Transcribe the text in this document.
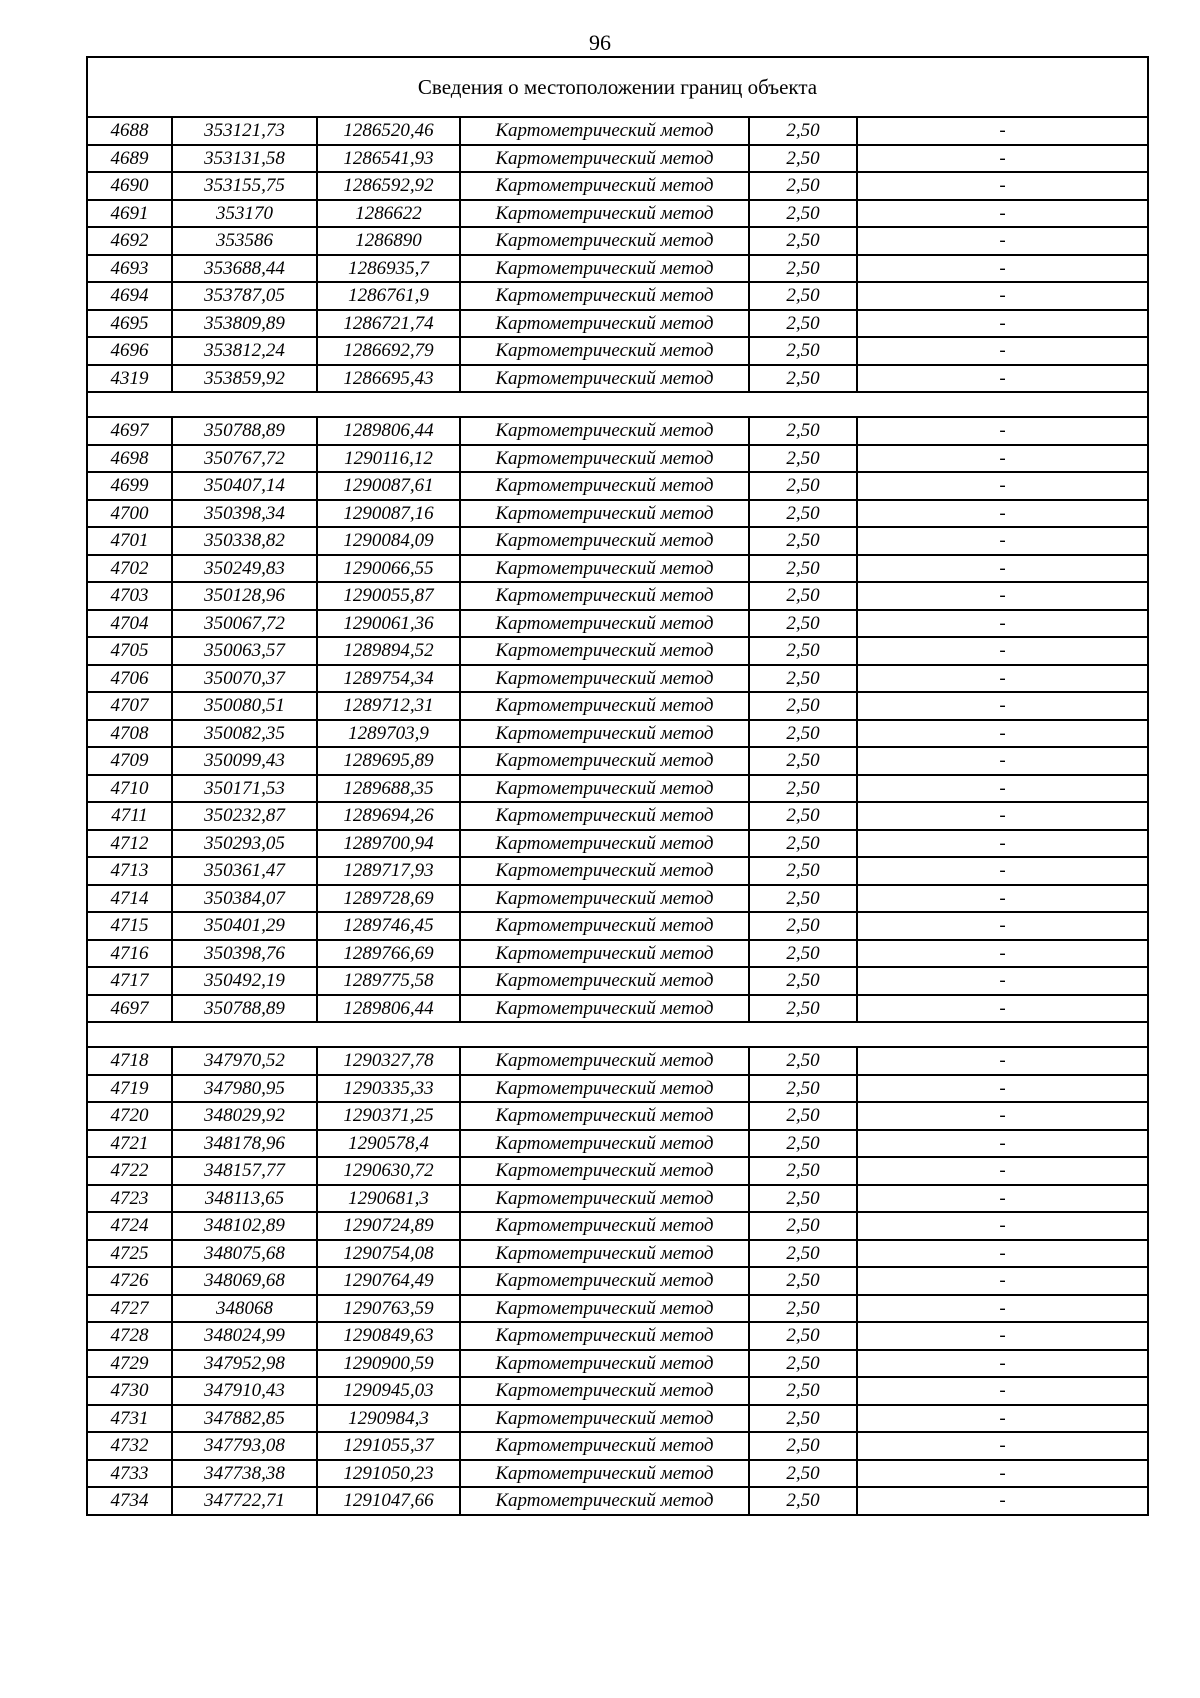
96
Сведения о местоположении границ объекта					
4688	353121,73	1286520,46	Картометрический метод	2,50	-
4689	353131,58	1286541,93	Картометрический метод	2,50	-
4690	353155,75	1286592,92	Картометрический метод	2,50	-
4691	353170	1286622	Картометрический метод	2,50	-
4692	353586	1286890	Картометрический метод	2,50	-
4693	353688,44	1286935,7	Картометрический метод	2,50	-
4694	353787,05	1286761,9	Картометрический метод	2,50	-
4695	353809,89	1286721,74	Картометрический метод	2,50	-
4696	353812,24	1286692,79	Картометрический метод	2,50	-
4319	353859,92	1286695,43	Картометрический метод	2,50	-

4697	350788,89	1289806,44	Картометрический метод	2,50	-
4698	350767,72	1290116,12	Картометрический метод	2,50	-
4699	350407,14	1290087,61	Картометрический метод	2,50	-
4700	350398,34	1290087,16	Картометрический метод	2,50	-
4701	350338,82	1290084,09	Картометрический метод	2,50	-
4702	350249,83	1290066,55	Картометрический метод	2,50	-
4703	350128,96	1290055,87	Картометрический метод	2,50	-
4704	350067,72	1290061,36	Картометрический метод	2,50	-
4705	350063,57	1289894,52	Картометрический метод	2,50	-
4706	350070,37	1289754,34	Картометрический метод	2,50	-
4707	350080,51	1289712,31	Картометрический метод	2,50	-
4708	350082,35	1289703,9	Картометрический метод	2,50	-
4709	350099,43	1289695,89	Картометрический метод	2,50	-
4710	350171,53	1289688,35	Картометрический метод	2,50	-
4711	350232,87	1289694,26	Картометрический метод	2,50	-
4712	350293,05	1289700,94	Картометрический метод	2,50	-
4713	350361,47	1289717,93	Картометрический метод	2,50	-
4714	350384,07	1289728,69	Картометрический метод	2,50	-
4715	350401,29	1289746,45	Картометрический метод	2,50	-
4716	350398,76	1289766,69	Картометрический метод	2,50	-
4717	350492,19	1289775,58	Картометрический метод	2,50	-
4697	350788,89	1289806,44	Картометрический метод	2,50	-

4718	347970,52	1290327,78	Картометрический метод	2,50	-
4719	347980,95	1290335,33	Картометрический метод	2,50	-
4720	348029,92	1290371,25	Картометрический метод	2,50	-
4721	348178,96	1290578,4	Картометрический метод	2,50	-
4722	348157,77	1290630,72	Картометрический метод	2,50	-
4723	348113,65	1290681,3	Картометрический метод	2,50	-
4724	348102,89	1290724,89	Картометрический метод	2,50	-
4725	348075,68	1290754,08	Картометрический метод	2,50	-
4726	348069,68	1290764,49	Картометрический метод	2,50	-
4727	348068	1290763,59	Картометрический метод	2,50	-
4728	348024,99	1290849,63	Картометрический метод	2,50	-
4729	347952,98	1290900,59	Картометрический метод	2,50	-
4730	347910,43	1290945,03	Картометрический метод	2,50	-
4731	347882,85	1290984,3	Картометрический метод	2,50	-
4732	347793,08	1291055,37	Картометрический метод	2,50	-
4733	347738,38	1291050,23	Картометрический метод	2,50	-
4734	347722,71	1291047,66	Картометрический метод	2,50	-
